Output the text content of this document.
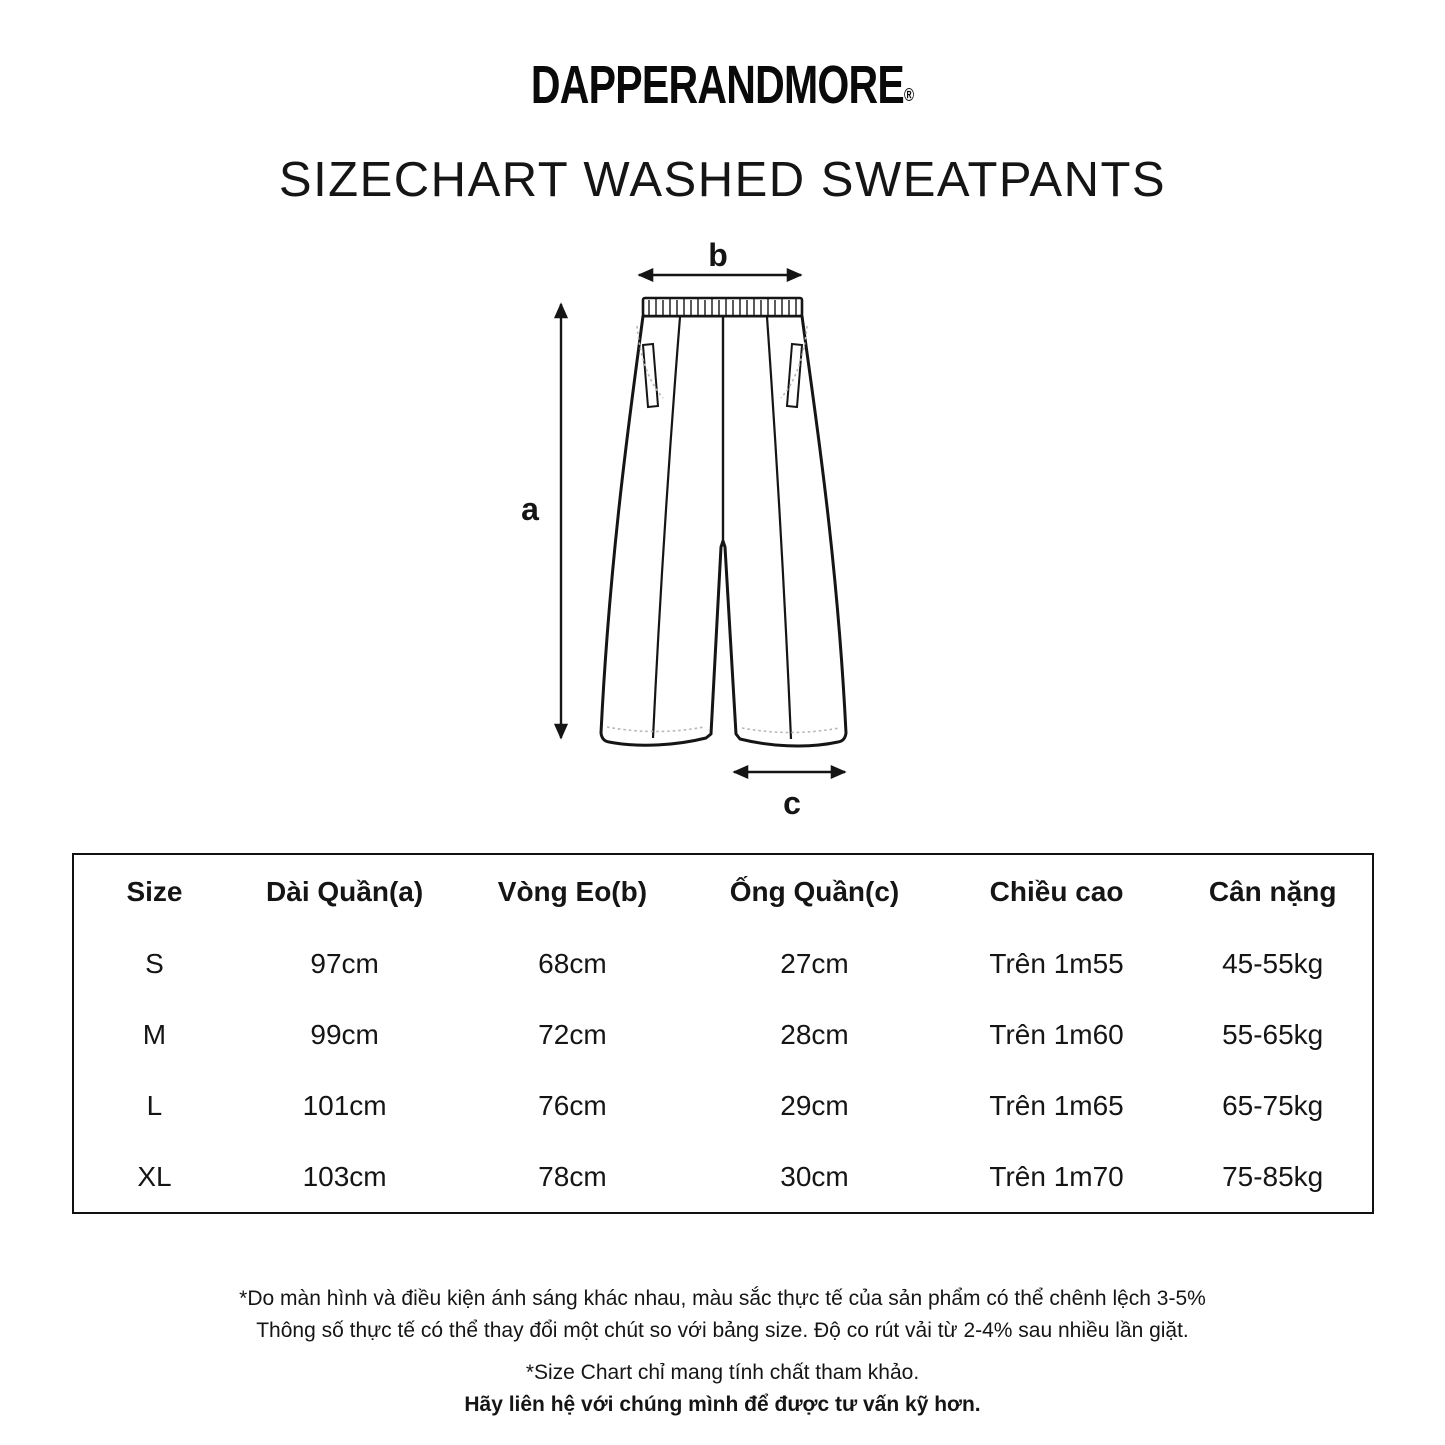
DAPPERANDMORE®
SIZECHART WASHED SWEATPANTS
b
a
c
Size	Dài Quần(a)	Vòng Eo(b)	Ống Quần(c)	Chiều cao	Cân nặng
S	97cm	68cm	27cm	Trên 1m55	45-55kg
M	99cm	72cm	28cm	Trên 1m60	55-65kg
L	101cm	76cm	29cm	Trên 1m65	65-75kg
XL	103cm	78cm	30cm	Trên 1m70	75-85kg
*Do màn hình và điều kiện ánh sáng khác nhau, màu sắc thực tế của sản phẩm có thể chênh lệch 3-5%
Thông số thực tế có thể thay đổi một chút so với bảng size. Độ co rút vải từ 2-4% sau nhiều lần giặt.
*Size Chart chỉ mang tính chất tham khảo.
Hãy liên hệ với chúng mình để được tư vấn kỹ hơn.
